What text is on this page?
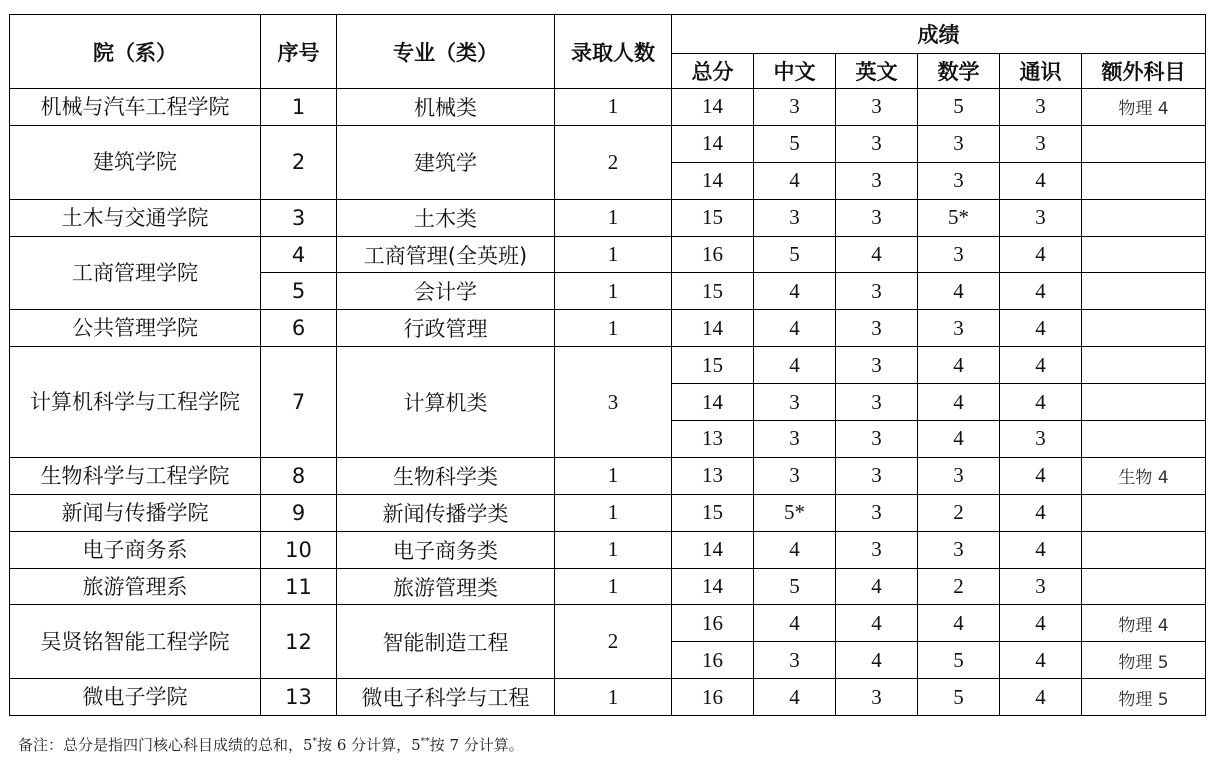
院（系）	序号	专业（类）	录取人数	成绩					
				总分	中文	英文	数学	通识	额外科目
机械与汽车工程学院	1	机械类	1	14	3	3	5	3	物理 4
建筑学院	2	建筑学	2	14	5	3	3	3	
				14	4	3	3	4	
土木与交通学院	3	土木类	1	15	3	3	5*	3	
工商管理学院	4	工商管理(全英班)	1	16	5	4	3	4	
	5	会计学	1	15	4	3	4	4	
公共管理学院	6	行政管理	1	14	4	3	3	4	
计算机科学与工程学院	7	计算机类	3	15	4	3	4	4	
				14	3	3	4	4	
				13	3	3	4	3	
生物科学与工程学院	8	生物科学类	1	13	3	3	3	4	生物 4
新闻与传播学院	9	新闻传播学类	1	15	5*	3	2	4	
电子商务系	10	电子商务类	1	14	4	3	3	4	
旅游管理系	11	旅游管理类	1	14	5	4	2	3	
吴贤铭智能工程学院	12	智能制造工程	2	16	4	4	4	4	物理 4
				16	3	4	5	4	物理 5
微电子学院	13	微电子科学与工程	1	16	4	3	5	4	物理 5
备注：总分是指四门核心科目成绩的总和，5*按 6 分计算，5**按 7 分计算。
